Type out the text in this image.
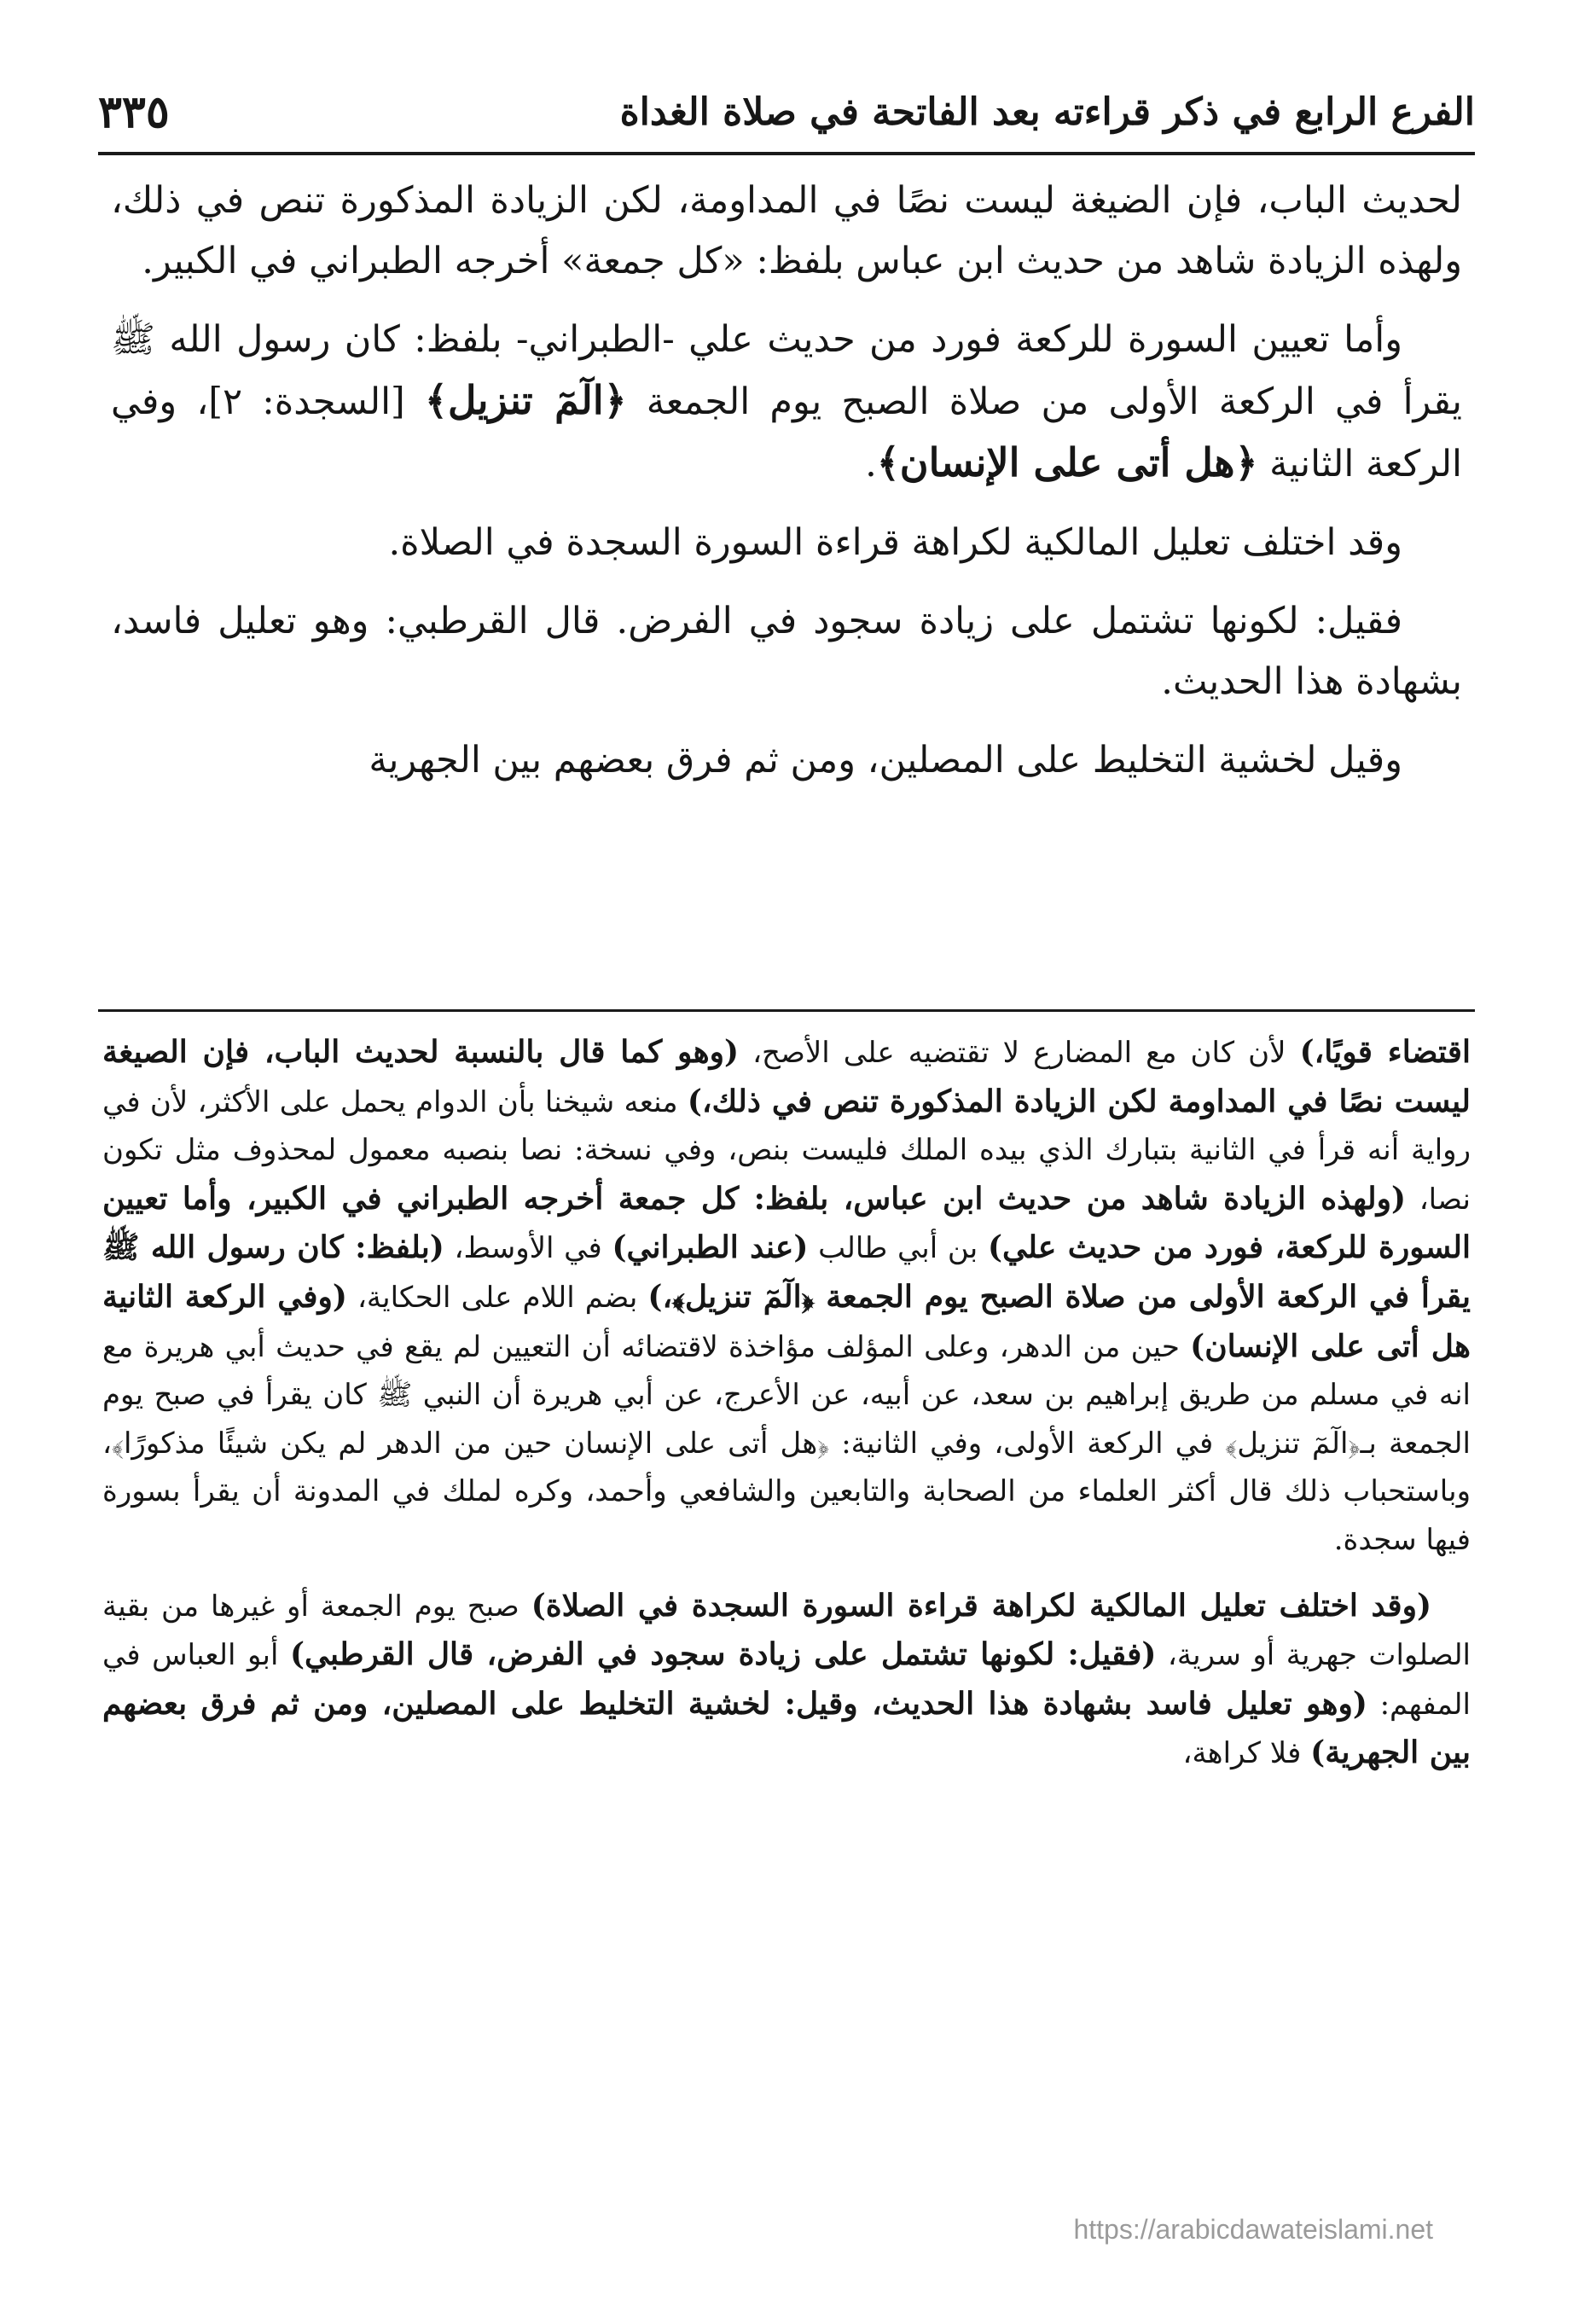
الفرع الرابع في ذكر قراءته بعد الفاتحة في صلاة الغداة
٣٣٥

لحديث الباب، فإن الضيغة ليست نصًا في المداومة، لكن الزيادة المذكورة تنص في ذلك، ولهذه الزيادة شاهد من حديث ابن عباس بلفظ: «كل جمعة» أخرجه الطبراني في الكبير.

وأما تعيين السورة للركعة فورد من حديث علي -الطبراني- بلفظ: كان رسول الله ﷺ يقرأ في الركعة الأولى من صلاة الصبح يوم الجمعة ﴿الٓمٓ تنزيل﴾ [السجدة: ٢]، وفي الركعة الثانية ﴿هل أتى على الإنسان﴾.

وقد اختلف تعليل المالكية لكراهة قراءة السورة السجدة في الصلاة.

فقيل: لكونها تشتمل على زيادة سجود في الفرض. قال القرطبي: وهو تعليل فاسد، بشهادة هذا الحديث.

وقيل لخشية التخليط على المصلين، ومن ثم فرق بعضهم بين الجهرية

اقتضاء قويًا،) لأن كان مع المضارع لا تقتضيه على الأصح، (وهو كما قال بالنسبة لحديث الباب، فإن الصيغة ليست نصًا في المداومة لكن الزيادة المذكورة تنص في ذلك،) منعه شيخنا بأن الدوام يحمل على الأكثر، لأن في رواية أنه قرأ في الثانية بتبارك الذي بيده الملك فليست بنص، وفي نسخة: نصا بنصبه معمول لمحذوف مثل تكون نصا، (ولهذه الزيادة شاهد من حديث ابن عباس، بلفظ: كل جمعة أخرجه الطبراني في الكبير، وأما تعيين السورة للركعة، فورد من حديث علي) بن أبي طالب (عند الطبراني) في الأوسط، (بلفظ: كان رسول الله ﷺ يقرأ في الركعة الأولى من صلاة الصبح يوم الجمعة ﴿الٓمٓ تنزيل﴾،) بضم اللام على الحكاية، (وفي الركعة الثانية هل أتى على الإنسان) حين من الدهر، وعلى المؤلف مؤاخذة لاقتضائه أن التعيين لم يقع في حديث أبي هريرة مع انه في مسلم من طريق إبراهيم بن سعد، عن أبيه، عن الأعرج، عن أبي هريرة أن النبي ﷺ كان يقرأ في صبح يوم الجمعة بـ﴿الٓمٓ تنزيل﴾ في الركعة الأولى، وفي الثانية: ﴿هل أتى على الإنسان حين من الدهر لم يكن شيئًا مذكورًا﴾، وباستحباب ذلك قال أكثر العلماء من الصحابة والتابعين والشافعي وأحمد، وكره لملك في المدونة أن يقرأ بسورة فيها سجدة.

(وقد اختلف تعليل المالكية لكراهة قراءة السورة السجدة في الصلاة) صبح يوم الجمعة أو غيرها من بقية الصلوات جهرية أو سرية، (فقيل: لكونها تشتمل على زيادة سجود في الفرض، قال القرطبي) أبو العباس في المفهم: (وهو تعليل فاسد بشهادة هذا الحديث، وقيل: لخشية التخليط على المصلين، ومن ثم فرق بعضهم بين الجهرية) فلا كراهة،

https://arabicdawateislami.net
